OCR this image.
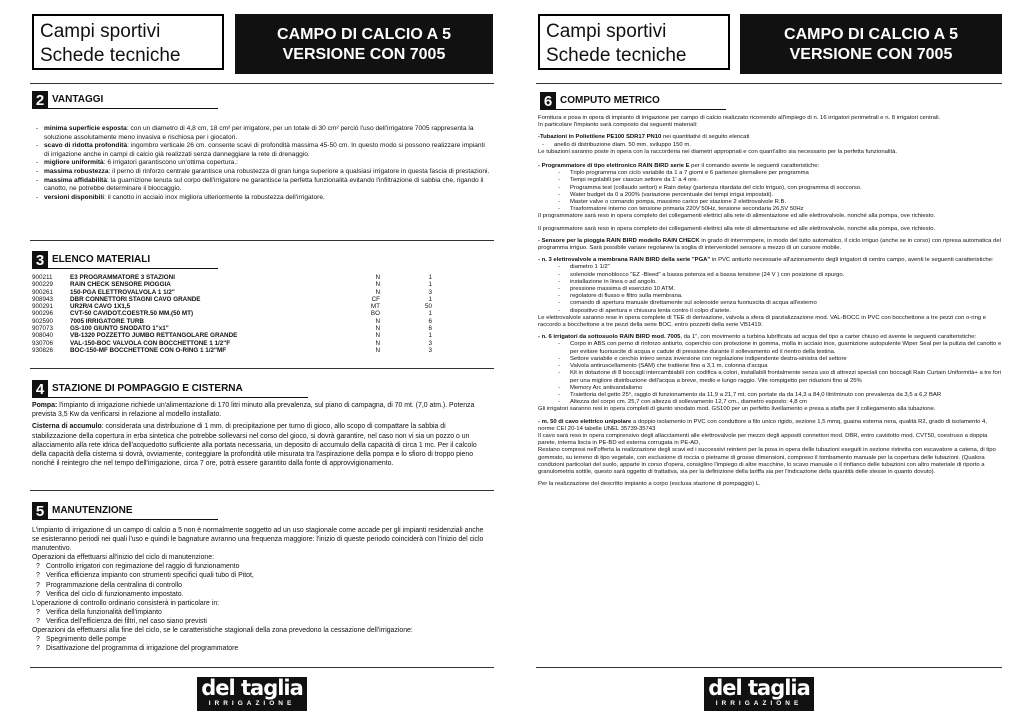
Campi sportivi
Schede tecniche
CAMPO DI CALCIO A 5
VERSIONE CON 7005
2 VANTAGGI
- minima superficie esposta: con un diametro di 4,8 cm, 18 cm² per irrigatore, per un totale di 30 cm² perciò l'uso dell'irrigatore 7005 rappresenta la soluzione assolutamente meno invasiva e rischiosa per i giocatori.
- scavo di ridotta profondità: ingombro verticale 26 cm. consente scavi di profondità massima 45-50 cm. In questo modo si possono realizzare impianti di irrigazione anche in campi di calcio già realizzati senza danneggiare la rete di drenaggio.
- migliore uniformità: 6 irrigatori garantiscono un'ottima copertura.:
- massima robustezza: il perno di rinforzo centrale garantisce una robustezza di gran lunga superiore a qualsiasi irrigatore in questa fascia di prestazioni.
- massima affidabilità: la guarnizione tenuta sul corpo dell'irrigatore ne garantisce la perfetta funzionalità evitando l'infiltrazione di sabbia che, rigando il canotto, ne potrebbe determinare il bloccaggio.
- versioni disponibili: il canotto in acciaio inox migliora ulteriormente la robustezza dell'irrigatore.
3 ELENCO MATERIALI
900211	E3 PROGRAMMATORE 3 STAZIONI	N	1
900229	RAIN CHECK SENSORE PIOGGIA	N	1
900261	150-PGA ELETTROVALVOLA 1 1/2"	N	3
908943	DBR CONNETTORI STAGNI CAVO GRANDE	CF	1
900291	UR2R/4 CAVO 1X1,5	MT	50
900296	CVT-50 CAVIDOT.COESTR.50 MM.(50 MT)	BO	1
902590	7005 IRRIGATORE TURB	N	6
907073	GS-100 GIUNTO SNODATO 1"x1"	N	6
908040	VB-1320 POZZETTO JUMBO RETTANGOLARE GRANDE	N	1
930706	VAL-150-BOC VALVOLA CON BOCCHETTONE 1 1/2"F	N	3
930826	BOC-150-MF BOCCHETTONE CON O-RING 1 1/2"MF	N	3
4 STAZIONE DI POMPAGGIO E CISTERNA

Pompa: l'impianto di irrigazione richiede un'alimentazione di 170 litri minuto alla prevalenza, sul piano di campagna, di 70 mt. (7,0 atm.). Potenza prevista 3,5 Kw da verificarsi in relazione al modello installato.

Cisterna di accumulo: considerata una distribuzione di 1 mm. di precipitazione per turno di gioco, allo scopo di compattare la sabbia di stabilizzazione della copertura in erba sintetica che potrebbe sollevarsi nel corso del gioco, si dovrà garantire, nel caso non vi sia un pozzo o un allacciamento alla rete idrica dell'acquedotto sufficiente alla portata necessaria, un deposito di accumulo della capacità di circa 1 mc. Per il calcolo della capacità della cisterna si dovrà, ovviamente, conteggiare la profondità utile misurata tra l'aspirazione della pompa e lo sfioro di troppo pieno nonché il reintegro che nel tempo dell'irrigazione, circa 7 ore, potrà essere garantito dalla fonte di approvvigionamento.

5 MANUTENZIONE

L'impianto di irrigazione di un campo di calcio a 5 non è normalmente soggetto ad un uso stagionale come accade per gli impianti residenziali anche se esisteranno periodi nei quali l'uso e quindi le bagnature avranno una frequenza maggiore: l'inizio di queste periodo coinciderà con l'inizio del ciclo manutentivo.

Operazioni da effettuarsi all'inizio del ciclo di manutenzione:

? Controllo irrigatori con regimazione del raggio di funzionamento
? Verifica efficienza impianto con strumenti specifici quali tubo di Pitot,
? Programmazione della centralina di controllo
? Verifica del ciclo di funzionamento impostato.

L'operazione di controllo ordinario consisterà in particolare in:

? Verifica della funzionalità dell'impianto
? Verifica dell'efficienza dei filtri, nel caso siano previsti

Operazioni da effettuarsi alla fine del ciclo, se le caratteristiche stagionali della zona prevedono la cessazione dell'irrigazione:

? Spegnimento delle pompe
? Disattivazione del programma di irrigazione del programmatore
del taglia
IRRIGAZIONE
Campi sportivi
Schede tecniche
CAMPO DI CALCIO A 5
VERSIONE CON 7005
6 COMPUTO METRICO

Fornitura e posa in opera di impianto di irrigazione per campo di calcio realizzato ricorrendo all'impiego di n. 16 irrigatori perimetrali e n. 8 irrigatori centrali.

In particolare l'impianto sarà composto dai seguenti materiali:

-Tubazioni in Polietilene PE100 SDR17 PN10 nei quantitativi di seguito elencati

- anello di distribuzione diam. 50 mm. sviluppo 150 m.

Le tubazioni saranno poste in opera con la raccorderia nei diametri appropriati e con quant'altro sia necessario per la perfetta funzionalità.

- Programmatore di tipo elettronico RAIN BIRD serie E per il comando avente le seguenti caratteristiche:

- Triplo programma con ciclo variabile da 1 a 7 giorni e 6 partenze giornaliere per programma
- Tempi regolabili per ciascun settore da 1' a 4 ore.
- Programma test (collaudo settori) e Rain delay (partenza ritardata del ciclo irriguo), con programma di soccorso.
- Water budget da 0 a 200% (variazione percentuale dei tempi irrigui impostati).
- Master valve o comando pompa, massimo carico per stazione 2 elettrovalvole R.B.
- Trasformatore interno con tensione primaria 220V 50Hz, tensione secondaria 26,5V 50Hz

Il programmatore sarà reso in opera completo dei collegamenti elettrici alla rete di alimentazione ed alle elettrovalvole, nonché alla pompa, ove richiesto.

Il programmatore sarà reso in opera completo dei collegamenti elettrici alla rete di alimentazione ed alle elettrovalvole, nonché alla pompa, ove richiesto.

- Sensore per la pioggia RAIN BIRD modello RAIN CHECK in grado di interrompere, in modo del tutto automatico, il ciclo irriguo (anche se in corso) con ripresa automatica del programma irriguo. Sarà possibile variare regolarew la soglia di interventodel sensore a mezzo di un cursore mobile.

- n. 3 elettrovalvole a membrana RAIN BIRD della serie "PGA" in PVC antiurto necessarie all'azionamento degli irrigatori di centro campo, aventi le seguenti caratteristiche:

- diametro 1 1/2"
- solenoide monoblocco "EZ -Bleed" a bassa potenza ed a bassa tensione (24 V ) con posizione di spurgo.
- installazione in linea o ad angolo.
- pressione massima di esercizio 10 ATM.
- regolatore di flusso e filtro sulla membrana.
- comando di apertura manuale direttamente sul solenoide senza fuoriuscita di acqua all'esterno
- dispositivo di apertura e chiusura lenta contro il colpo d'ariete.

Le elettrovalvole saranno rese in opera complete di TEE di derivazione, valvola a sfera di parzializzazione mod. VAL-BOCC in PVC con bocchettone a tre pezzi con o-ring e raccordo a bocchettone a tre pezzi della serie BOC. entro pozzetti della serie VB1419.

- n. 6 irrigatori da sottosuolo RAIN BIRD mod. 7005, da 1", con movimento a turbina lubrificata ad acqua del tipo a carter chiuso ed avente le seguenti caratteristiche:

- Corpo in ABS con perno di rinforzo antiurto, coperchio con protezione in gomma, molla in acciaio inox, guarnizione autopulente Wiper Seal per la pulizia del canotto e per evitare fuoriuscite di acqua e cadute di pressione durante il sollevamento ed il rientro della testina.
- Settore variabile e cerchio intero senza inversione con regolazione indipendente destra-sinistra del settore
- Valvola antiruscellamento (SAM) che trattiene fino a 3,1 m. colonna d'acqua
- Kit in dotazione di 8 boccagli intercambiabili con codifica a colori, installabili frontalmente senza uso di attrezzi speciali con boccagli Rain Curtain Uniformità+ a tre fori per una migliore distribuzione dell'acqua a breve, medio e lungo raggio. Vite rompigetto per riduzioni fino al 25%
- Memory Arc antivandalismo
- Traiettoria del getto 25°, raggio di funzionamento da 11,9 a 21,7 mt. con portate da da 14,3 a 84,0 litri/minuto con prevalenza da 3,5 a 6,2 BAR
- Altezza del corpo cm. 25,7 con altezza di sollevamento 12,7 cm., diametro esposto: 4,8 cm

Gli irrigatori saranno resi in opera completi di giunto snodato mod. GS100 per un perfetto livellamento e presa a staffa per il collegamento alla tubazione.

- m. 50 di cavo elettrico unipolare a doppio isolamento in PVC con conduttore a filo unico rigido, sezione 1,5 mmq, guaina esterna nera, qualità R2, grado di isolamento 4, norme CEI 20-14 tabelle UNEL 35739-35743

Il cavo sarà reso in opera comprensivo degli allacciamenti alle elettrovalvole per mezzo degli appositi connettori mod. DBR, entro cavidotto mod. CVT50, coestruso a doppia parete, interna liscia in PE-BD ed esterna corrugata in PE-AD,

Restano compresi nell'offerta la realizzazione degli scavi ed i successivi reinterri per la posa in opera delle tubazioni eseguiti in sezione ristretta con escavatore a catena, di tipo gommato, su terreno di tipo vegetale, con esclusione di roccia o pietrame di grosse dimensioni, compreso il tombamento manuale per la copertura delle tubazioni. (Qualora condizioni particolari del suolo, apparte in corso d'opera, consiglino l'impiego di altre macchine, lo scavo manuale o il rinfianco delle tubazioni con altro materiale di riporto a granulometria sottile, questo sarà oggetto di trattativa, sia per la definizione della tariffa sia per l'indicazione della quantità delle stesse in quanto dovuto).

Per la realizzazione del descritto impianto a corpo (esclusa stazione di pompaggio) L.

del taglia
IRRIGAZIONE
